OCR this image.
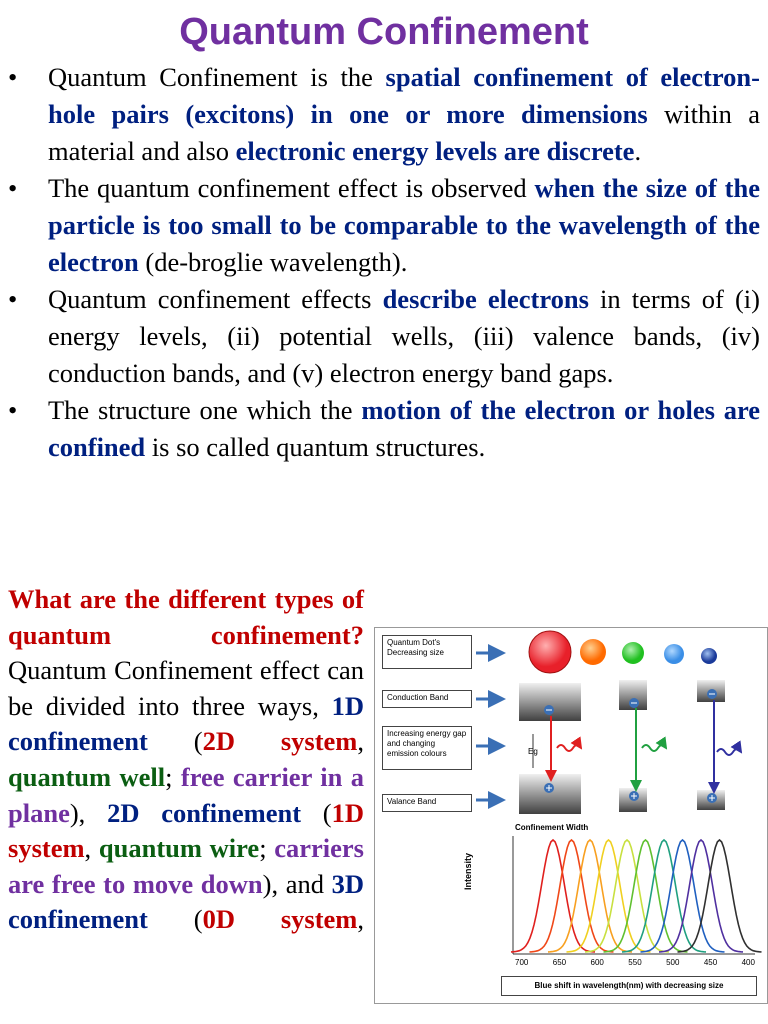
Quantum Confinement
• Quantum Confinement is the spatial confinement of electron-hole pairs (excitons) in one or more dimensions within a material and also electronic energy levels are discrete.
• The quantum confinement effect is observed when the size of the particle is too small to be comparable to the wavelength of the electron (de-broglie wavelength).
• Quantum confinement effects describe electrons in terms of (i) energy levels, (ii) potential wells, (iii) valence bands, (iv) conduction bands, and (v) electron energy band gaps.
• The structure one which the motion of the electron or holes are confined is so called quantum structures.

What are the different types of quantum confinement?

Quantum Confinement effect can be divided into three ways, 1D confinement (2D system, quantum well; free carrier in a plane), 2D confinement (1D system, quantum wire; carriers are free to move down), and 3D confinement (0D system,

Quantum Dot's Decreasing size
Conduction Band
Increasing energy gap and changing emission colours
Valance Band
Eg
Confinement Width
Intensity
700	650	600	550	500	450	400
Blue shift in wavelength(nm) with decreasing size
